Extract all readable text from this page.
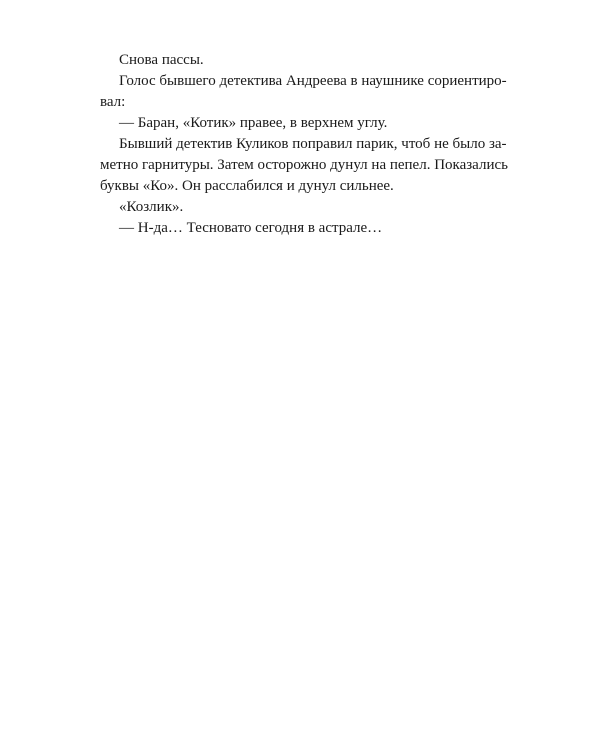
Снова пассы.

Голос бывшего детектива Андреева в наушнике сориентиро-
вал:

— Баран, «Котик» правее, в верхнем углу.

Бывший детектив Куликов поправил парик, чтоб не было за-
метно гарнитуры. Затем осторожно дунул на пепел. Показались
буквы «Ко». Он расслабился и дунул сильнее.

«Козлик».

— Н-да… Тесновато сегодня в астрале…
